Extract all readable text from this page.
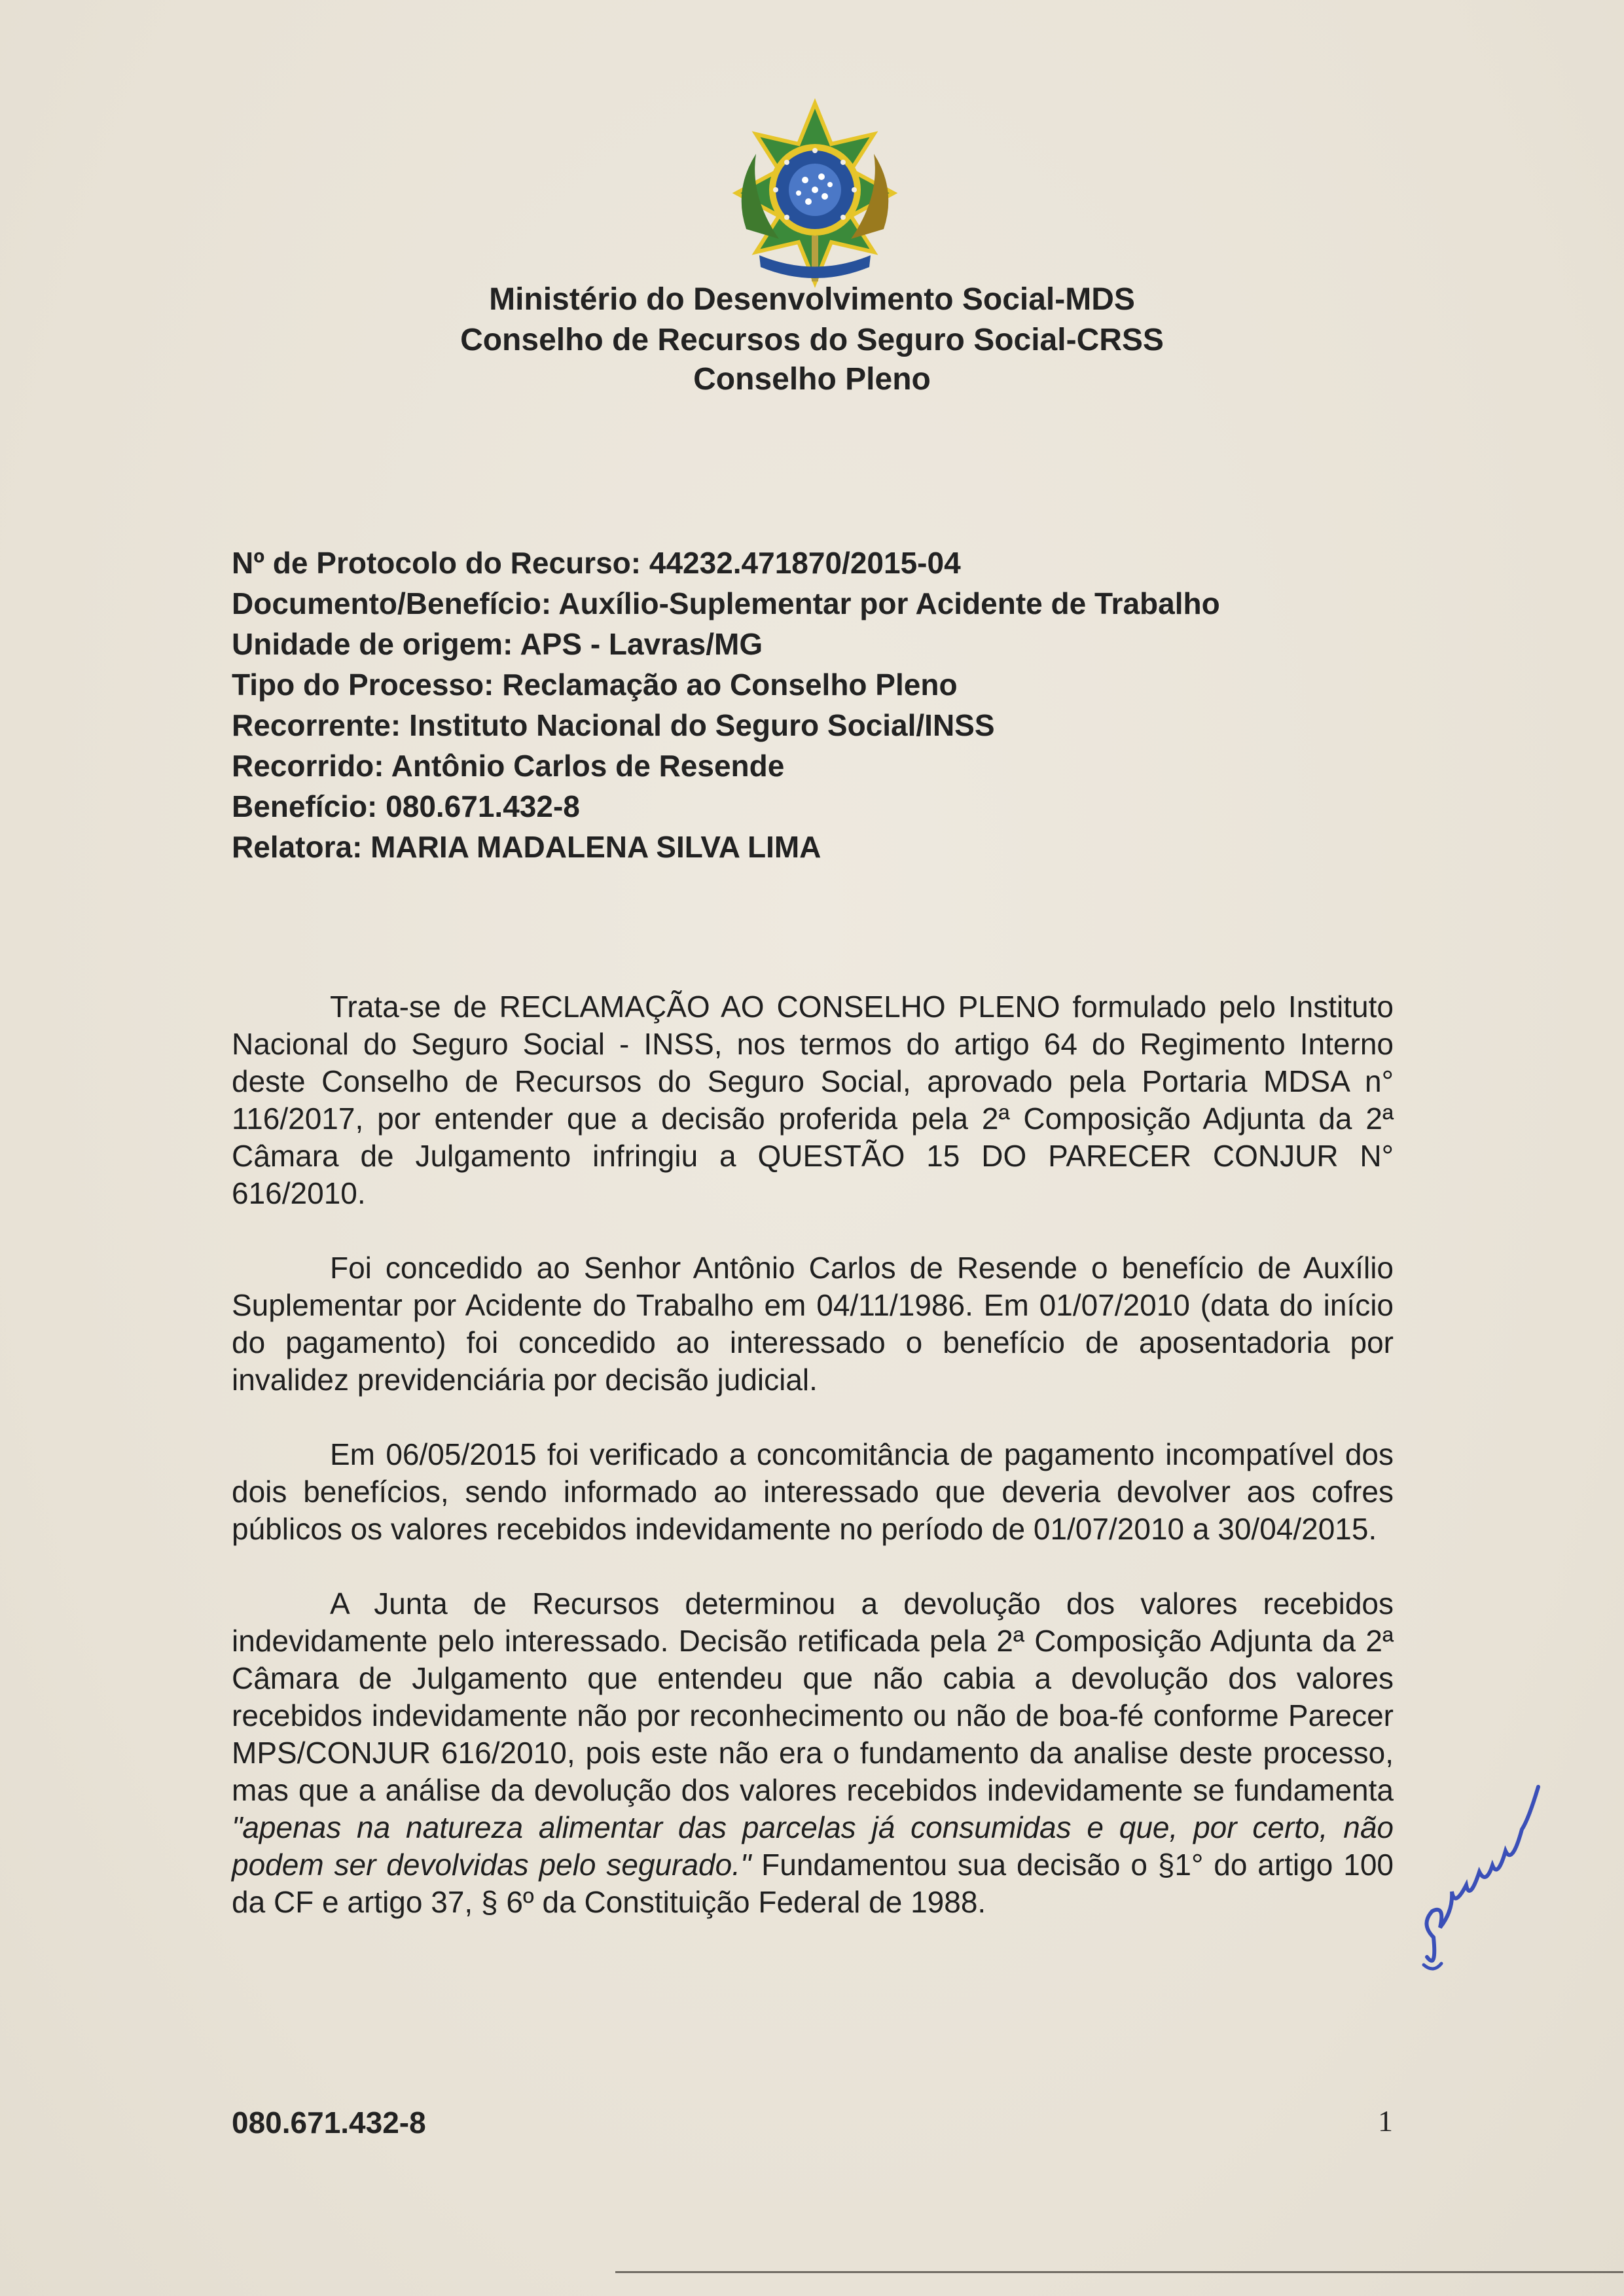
Ministério do Desenvolvimento Social-MDS
Conselho de Recursos do Seguro Social-CRSS
Conselho Pleno
Nº de Protocolo do Recurso: 44232.471870/2015-04
Documento/Benefício: Auxílio-Suplementar por Acidente de Trabalho
Unidade de origem: APS - Lavras/MG
Tipo do Processo: Reclamação ao Conselho Pleno
Recorrente: Instituto Nacional do Seguro Social/INSS
Recorrido: Antônio Carlos de Resende
Benefício: 080.671.432-8
Relatora: MARIA MADALENA SILVA LIMA

Trata-se de RECLAMAÇÃO AO CONSELHO PLENO formulado pelo Instituto Nacional do Seguro Social - INSS, nos termos do artigo 64 do Regimento Interno deste Conselho de Recursos do Seguro Social, aprovado pela Portaria MDSA n° 116/2017, por entender que a decisão proferida pela 2ª Composição Adjunta da 2ª Câmara de Julgamento infringiu a QUESTÃO 15 DO PARECER CONJUR N° 616/2010.

Foi concedido ao Senhor Antônio Carlos de Resende o benefício de Auxílio Suplementar por Acidente do Trabalho em 04/11/1986. Em 01/07/2010 (data do início do pagamento) foi concedido ao interessado o benefício de aposentadoria por invalidez previdenciária por decisão judicial.

Em 06/05/2015 foi verificado a concomitância de pagamento incompatível dos dois benefícios, sendo informado ao interessado que deveria devolver aos cofres públicos os valores recebidos indevidamente no período de 01/07/2010 a 30/04/2015.

A Junta de Recursos determinou a devolução dos valores recebidos indevidamente pelo interessado. Decisão retificada pela 2ª Composição Adjunta da 2ª Câmara de Julgamento que entendeu que não cabia a devolução dos valores recebidos indevidamente não por reconhecimento ou não de boa-fé conforme Parecer MPS/CONJUR 616/2010, pois este não era o fundamento da analise deste processo, mas que a análise da devolução dos valores recebidos indevidamente se fundamenta "apenas na natureza alimentar das parcelas já consumidas e que, por certo, não podem ser devolvidas pelo segurado." Fundamentou sua decisão o §1° do artigo 100 da CF e artigo 37, § 6º da Constituição Federal de 1988.

080.671.432-8	1
